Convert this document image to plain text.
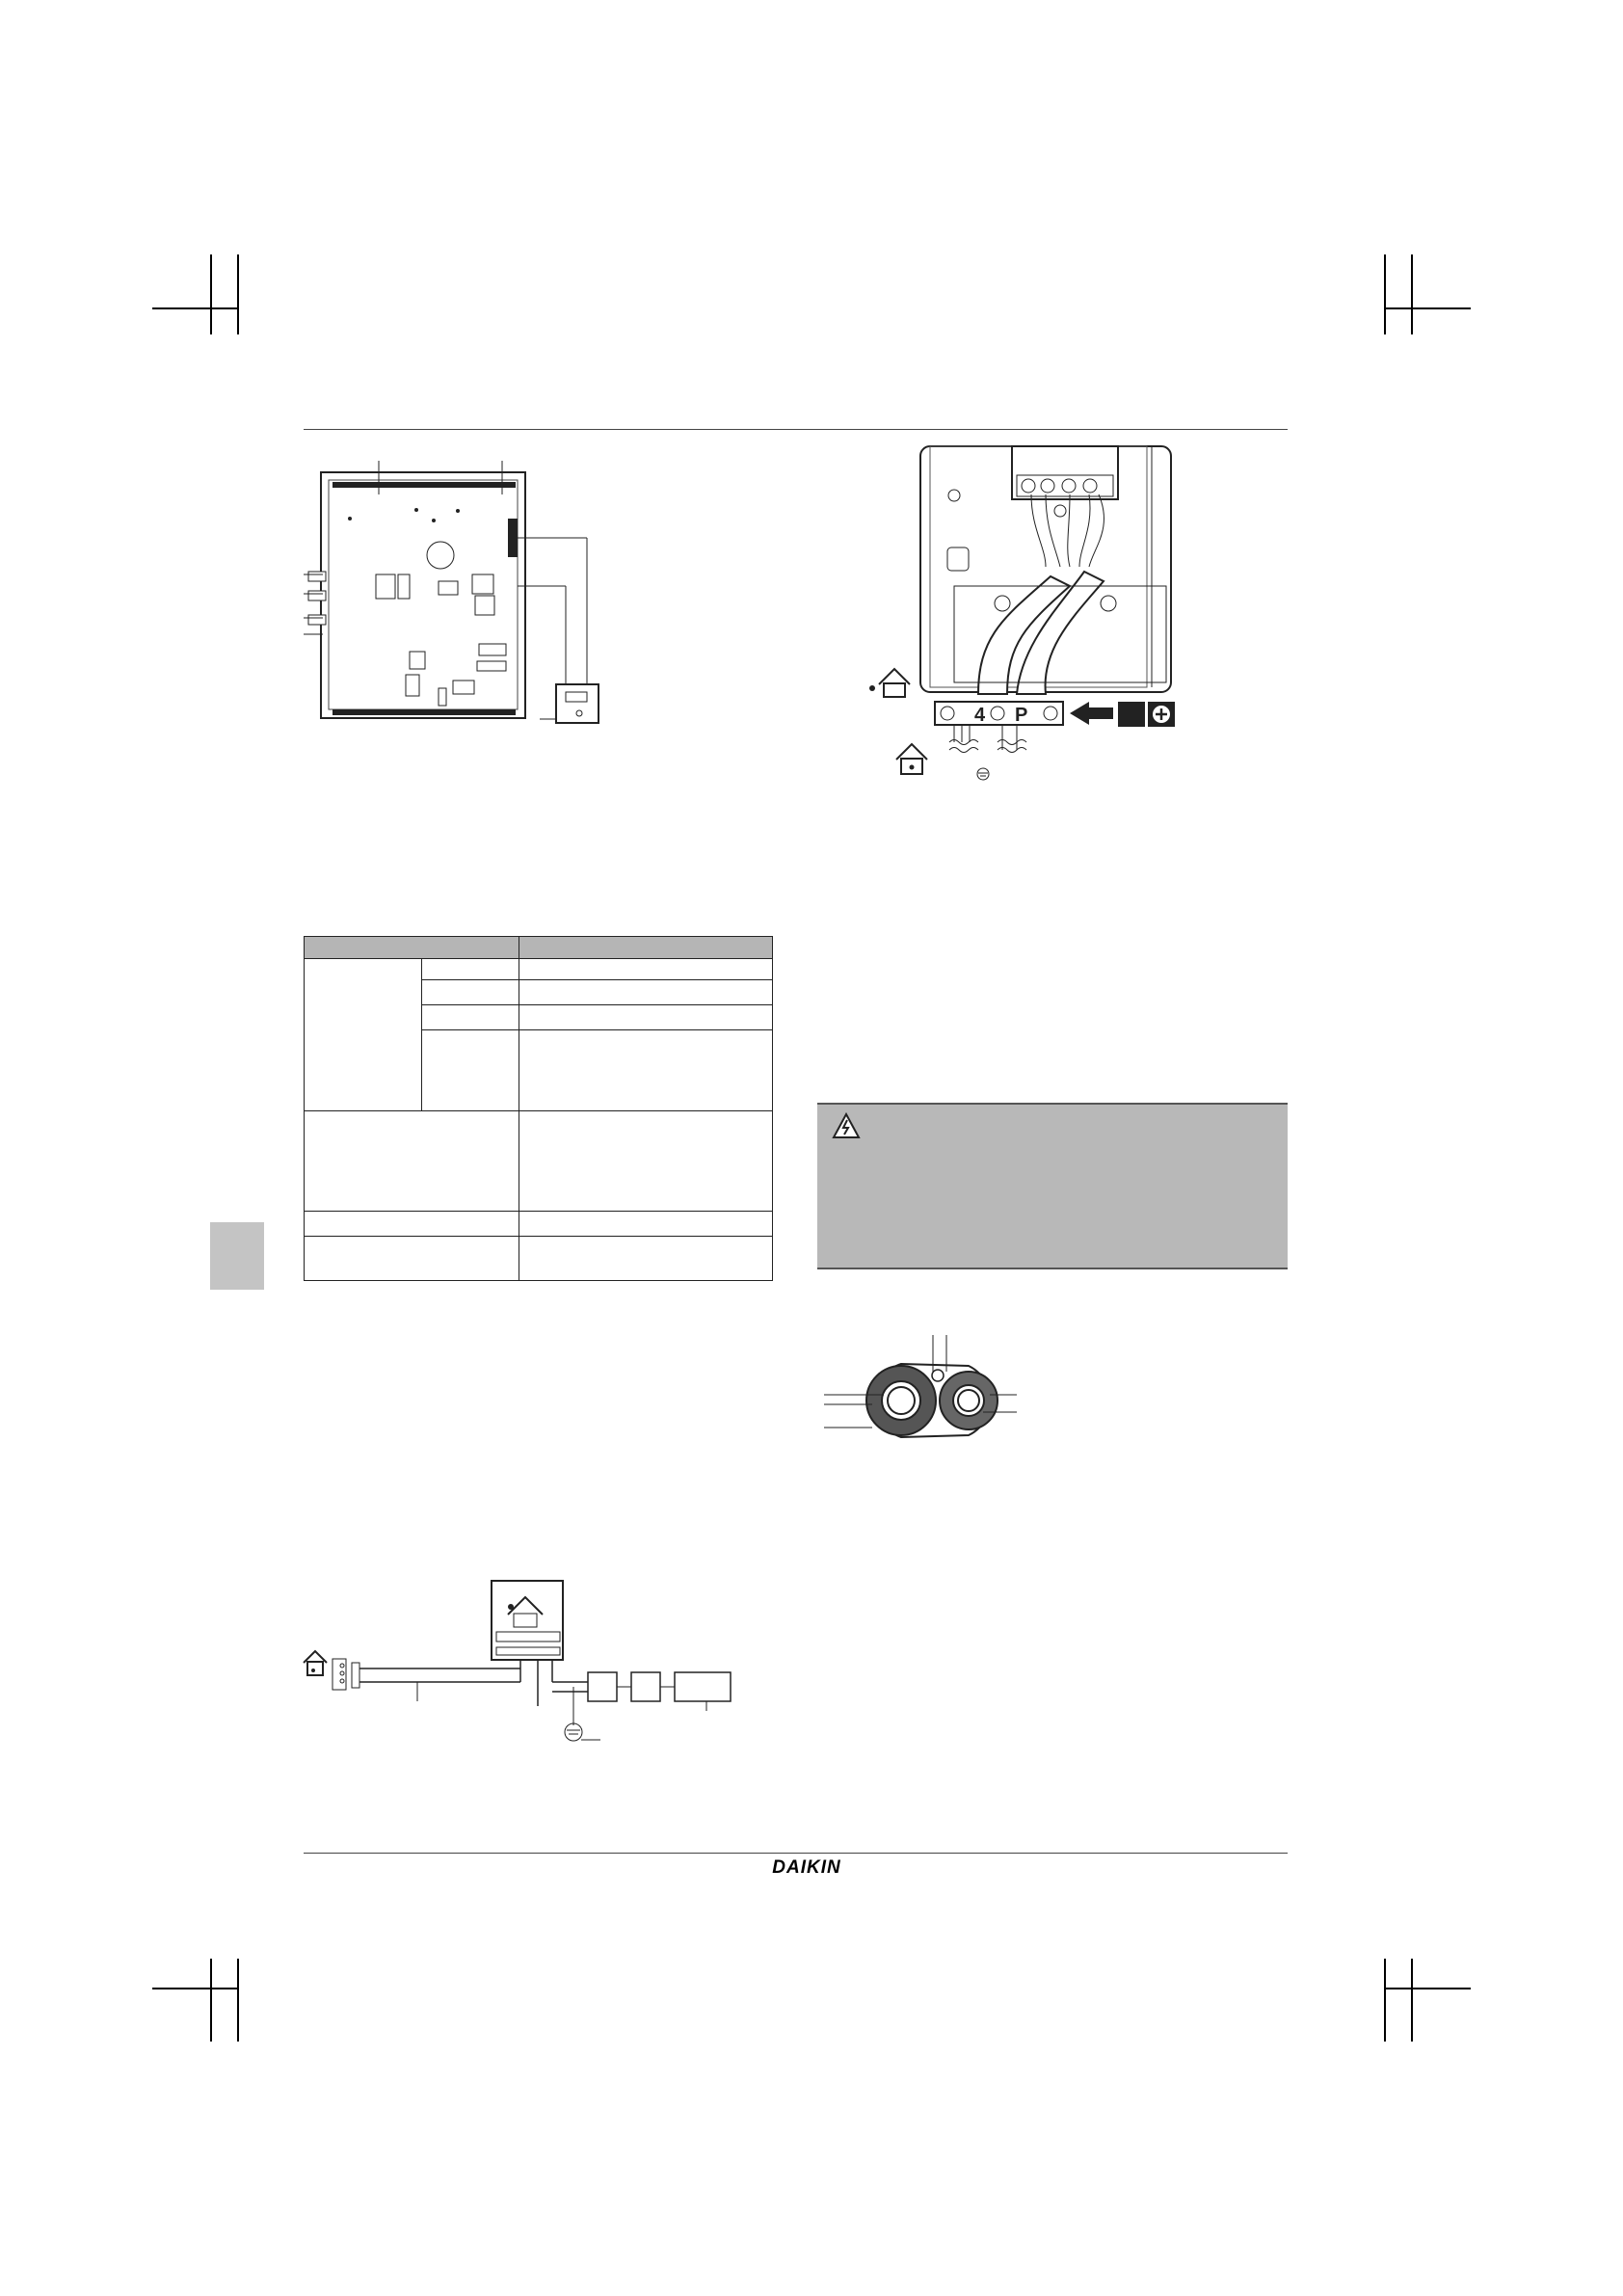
4 P
DAIKIN
